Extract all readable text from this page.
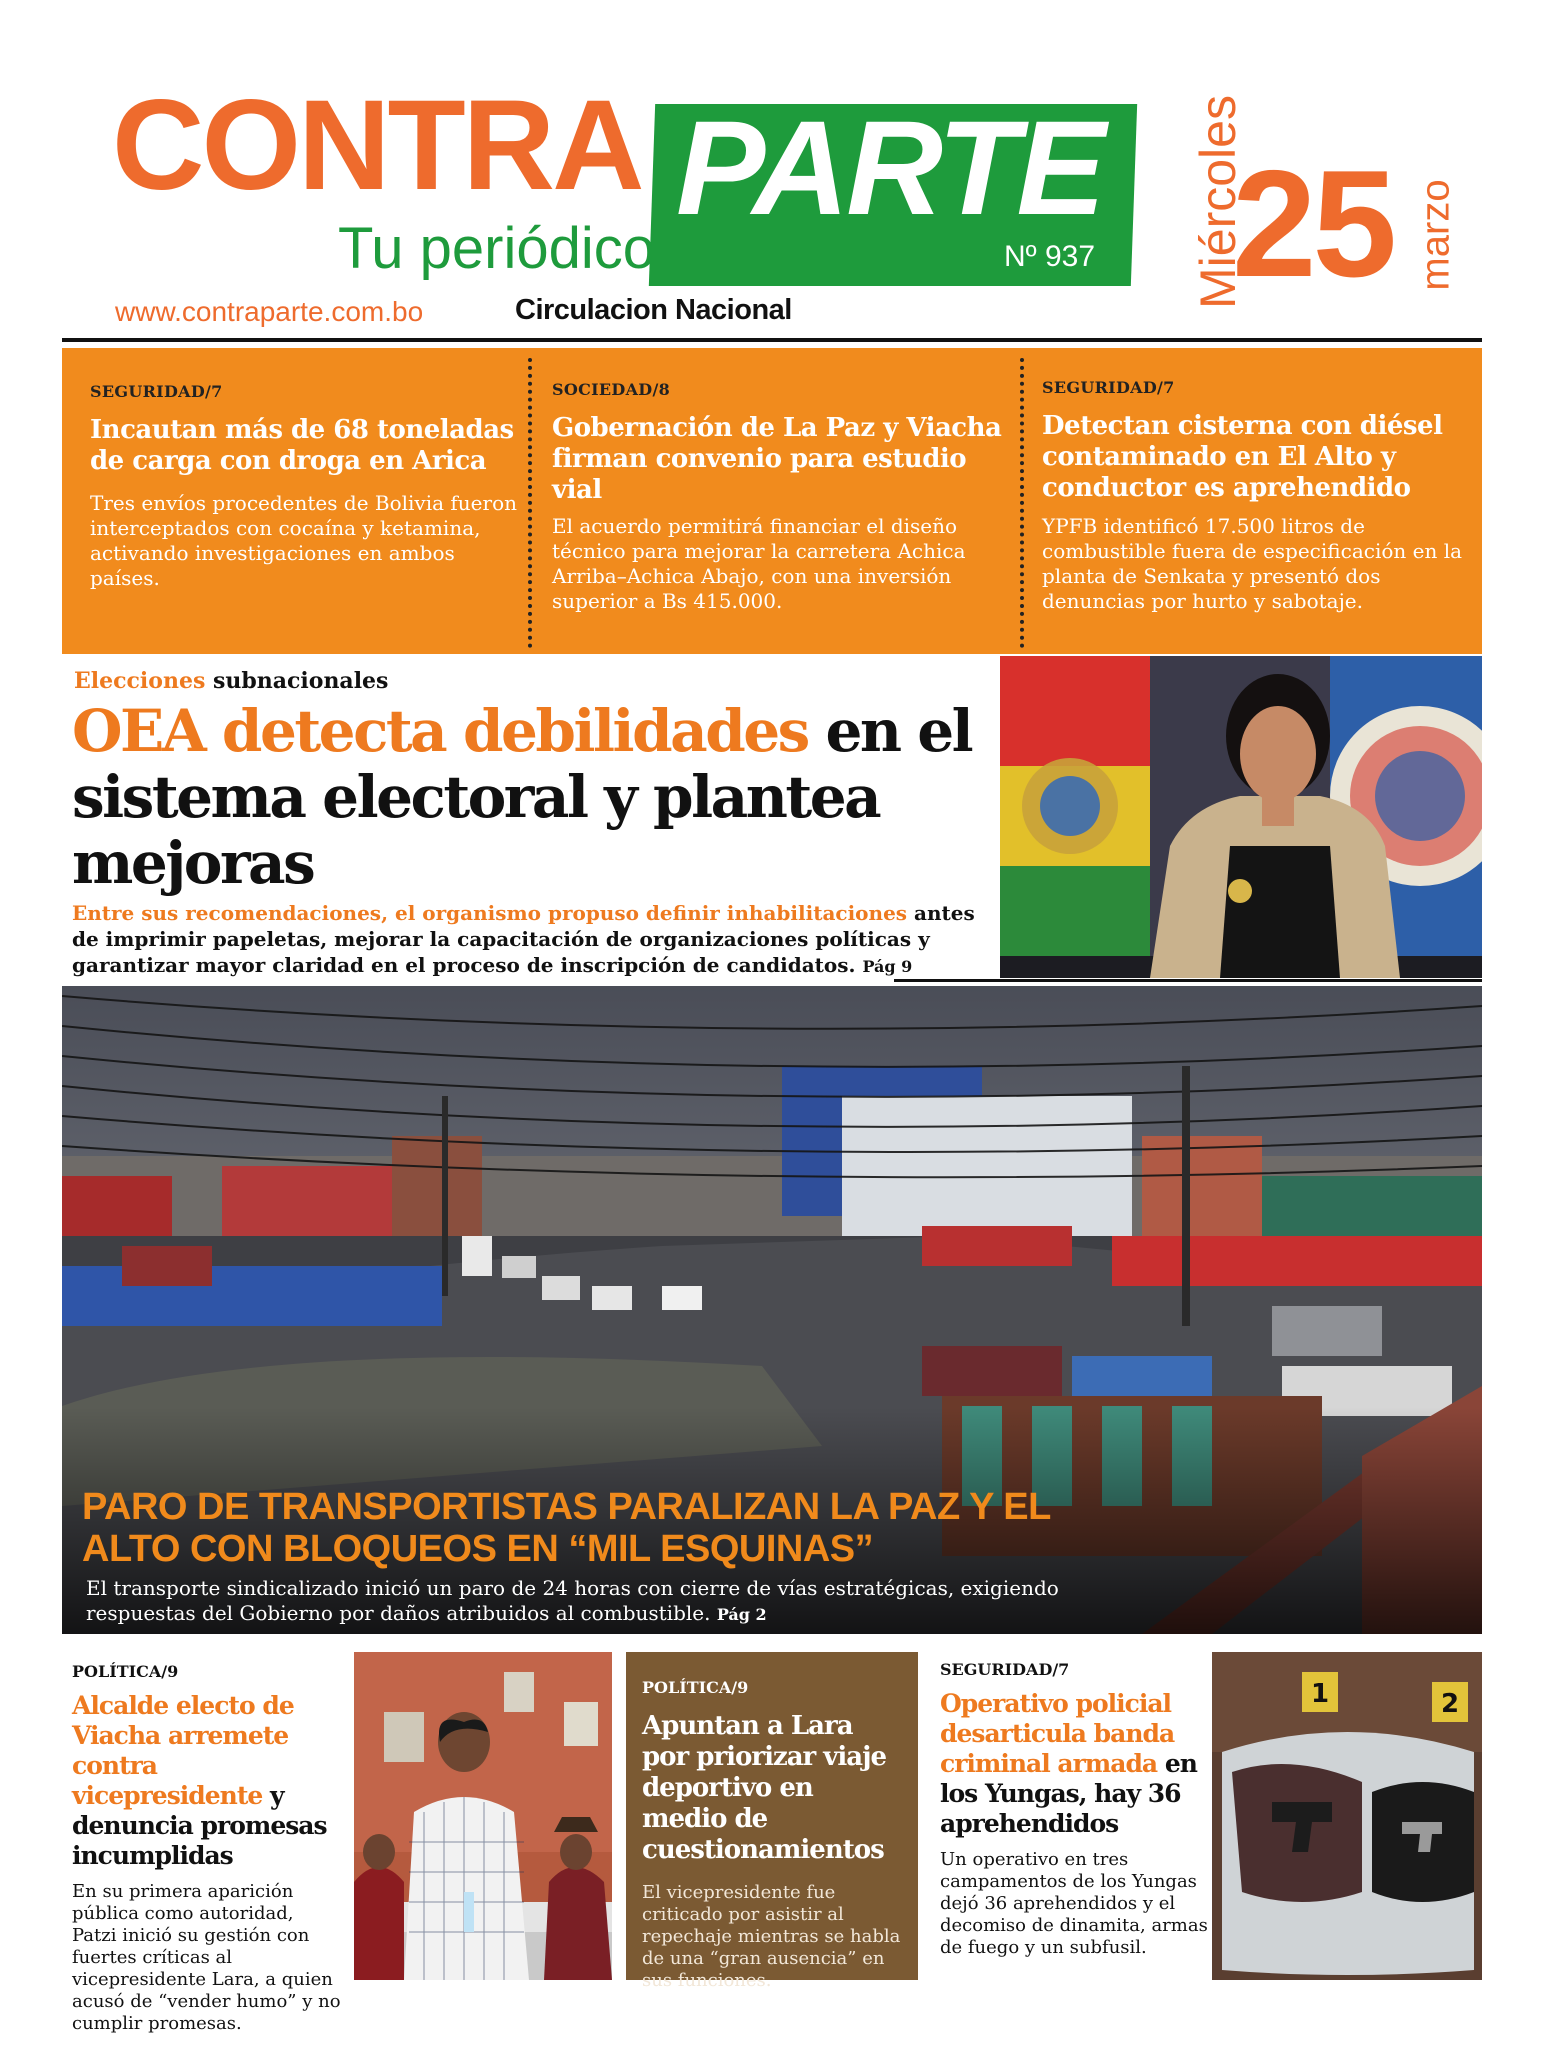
CONTRA PARTE
Nº 937
Tu periódico
www.contraparte.com.bo	Circulacion Nacional
Miércoles
25 marzo
SEGURIDAD/7
Incautan más de 68 toneladas de carga con droga en Arica

Tres envíos procedentes de Bolivia fueron interceptados con cocaína y ketamina, activando investigaciones en ambos países.

SOCIEDAD/8
Gobernación de La Paz y Viacha firman convenio para estudio vial

El acuerdo permitirá financiar el diseño técnico para mejorar la carretera Achica Arriba–Achica Abajo, con una inversión superior a Bs 415.000.

SEGURIDAD/7
Detectan cisterna con diésel contaminado en El Alto y conductor es aprehendido

YPFB identificó 17.500 litros de combustible fuera de especificación en la planta de Senkata y presentó dos denuncias por hurto y sabotaje.

Elecciones subnacionales
OEA detecta debilidades en el sistema electoral y plantea mejoras

Entre sus recomendaciones, el organismo propuso definir inhabilitaciones antes de imprimir papeletas, mejorar la capacitación de organizaciones políticas y garantizar mayor claridad en el proceso de inscripción de candidatos. Pág 9

PARO DE TRANSPORTISTAS PARALIZAN LA PAZ Y EL ALTO CON BLOQUEOS EN “MIL ESQUINAS”

El transporte sindicalizado inició un paro de 24 horas con cierre de vías estratégicas, exigiendo respuestas del Gobierno por daños atribuidos al combustible. Pág 2

POLÍTICA/9
Alcalde electo de Viacha arremete contra vicepresidente y denuncia promesas incumplidas

En su primera aparición pública como autoridad, Patzi inició su gestión con fuertes críticas al vicepresidente Lara, a quien acusó de “vender humo” y no cumplir promesas.

POLÍTICA/9
Apuntan a Lara por priorizar viaje deportivo en medio de cuestionamientos

El vicepresidente fue criticado por asistir al repechaje mientras se habla de una “gran ausencia” en sus funciones.

SEGURIDAD/7
Operativo policial desarticula banda criminal armada en los Yungas, hay 36 aprehendidos

Un operativo en tres campamentos de los Yungas dejó 36 aprehendidos y el decomiso de dinamita, armas de fuego y un subfusil.

1	2
